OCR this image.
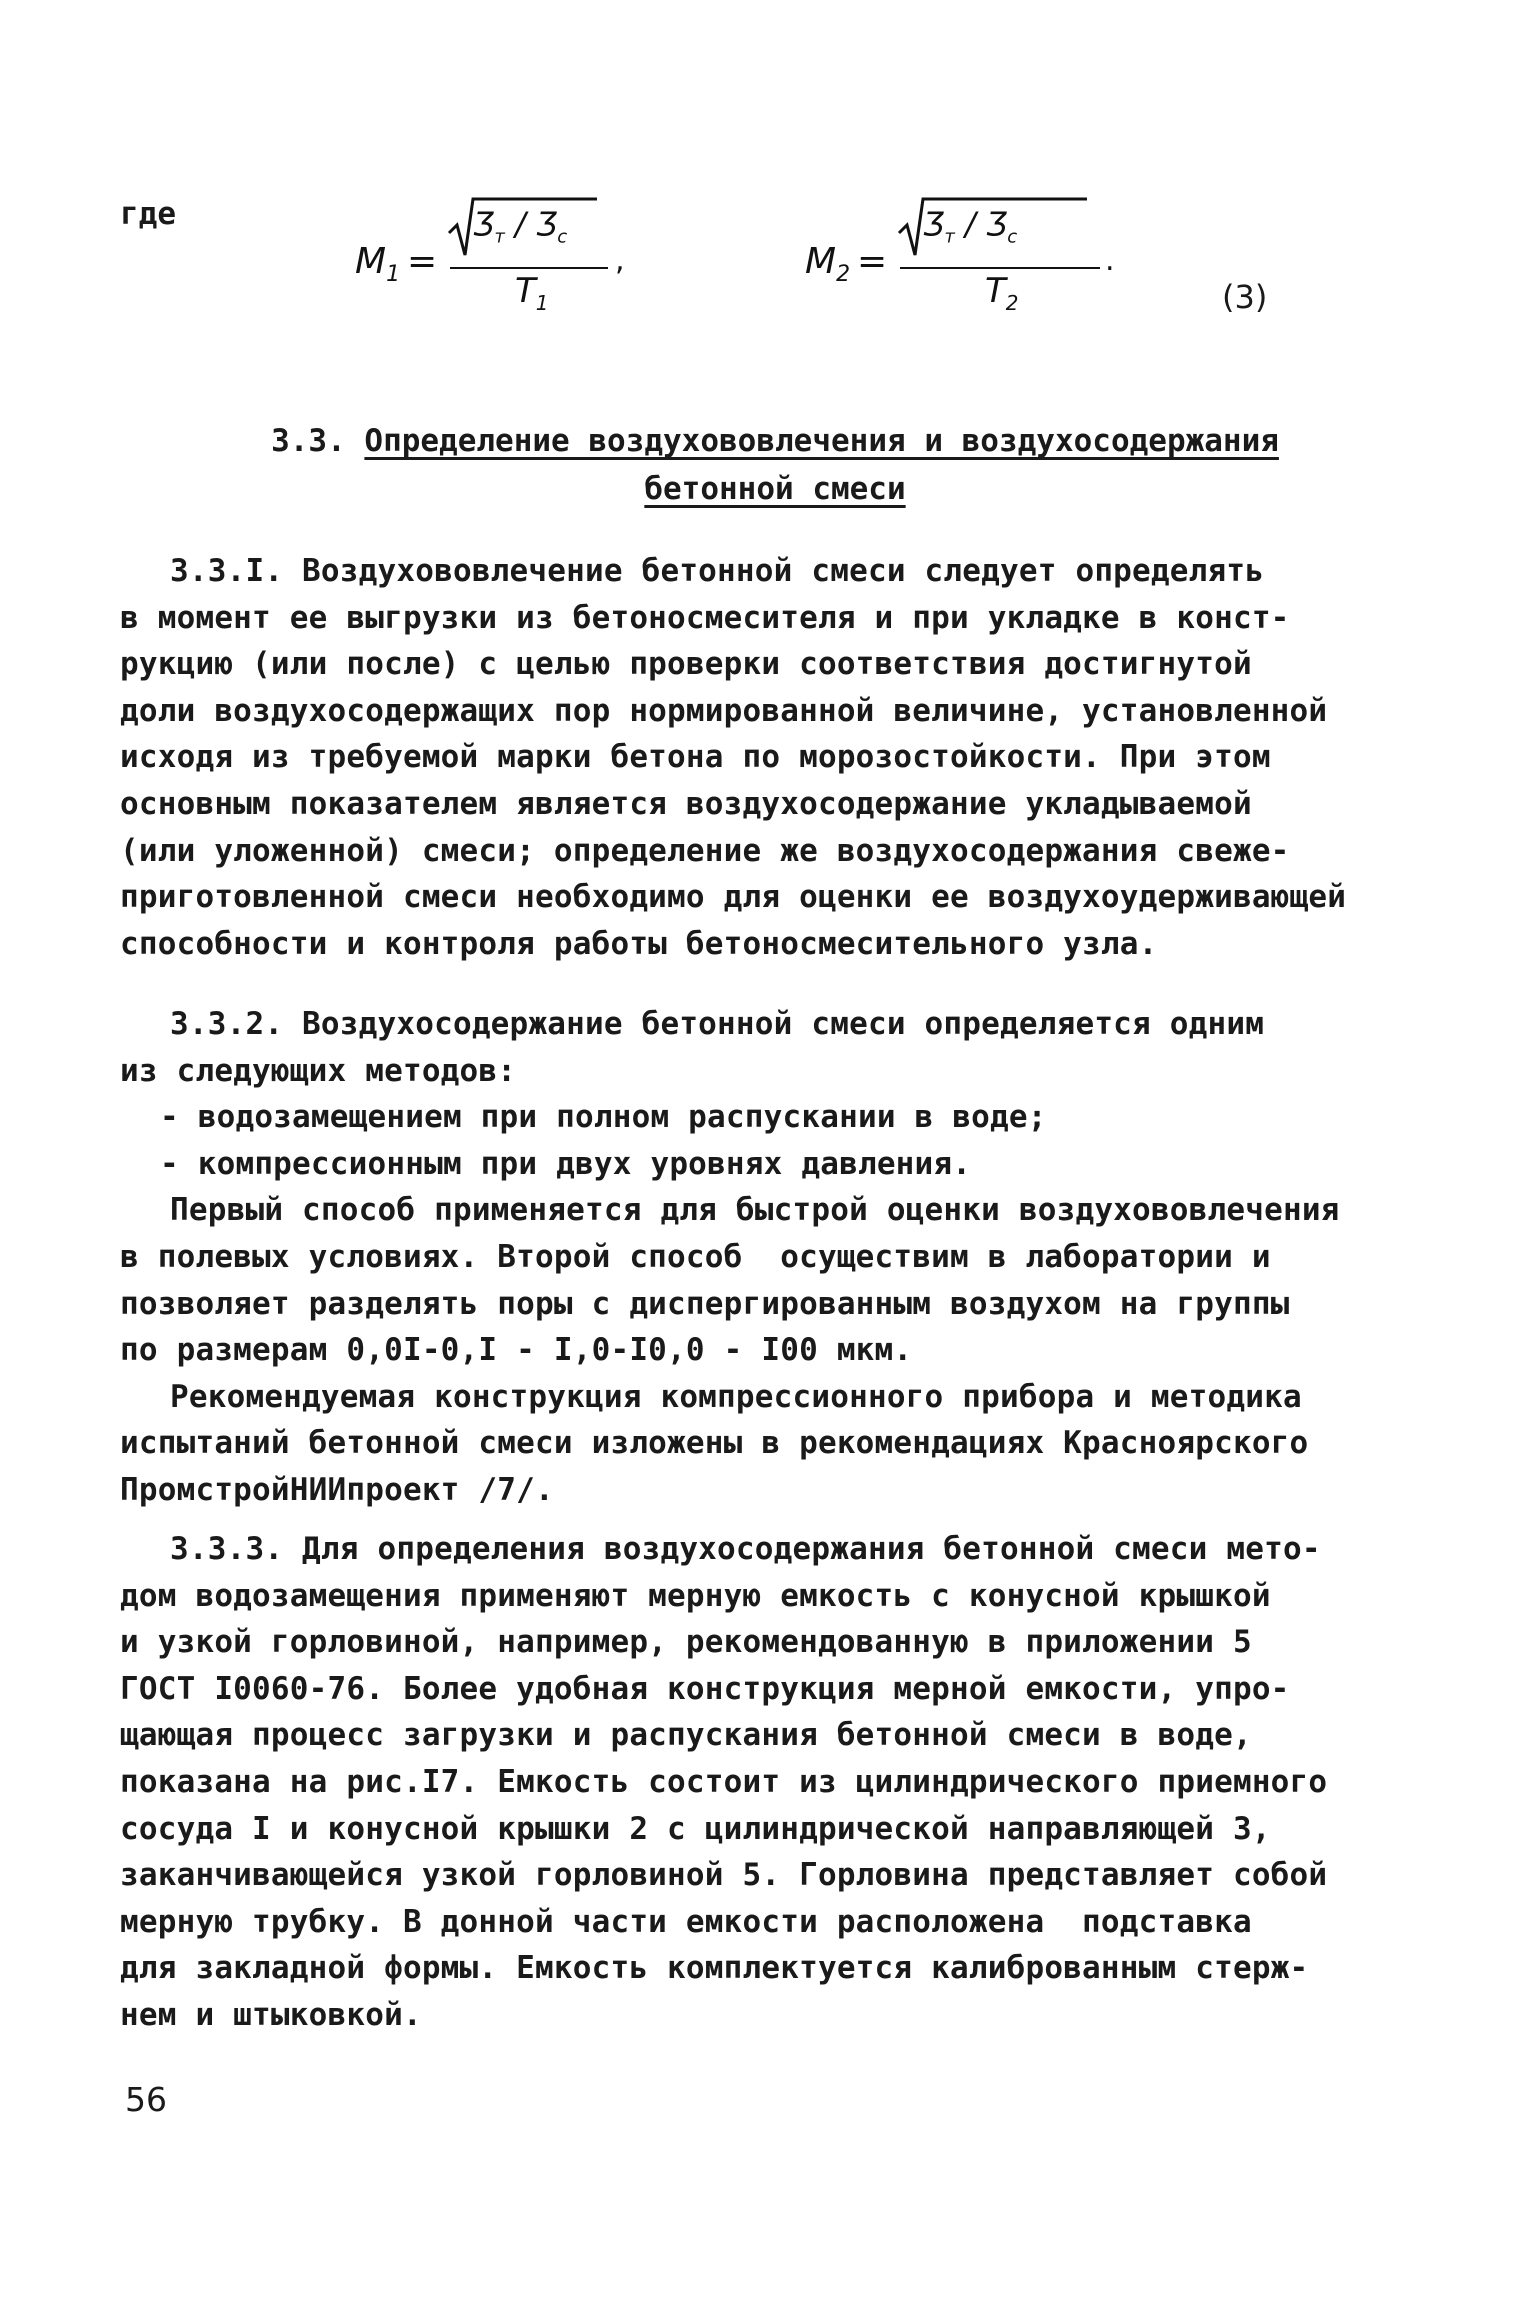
где
$M_1$ =
$Ʒ_т$ / $Ʒ_c$
$T_1$
,	$M_2$ =
$Ʒ_т$ / $Ʒ_c$
$T_2$
.
(3)
3.3. Определение воздухововлечения и воздухосодержания
бетонной смеси
3.3.I. Воздухововлечение бетонной смеси следует определять
в момент ее выгрузки из бетоносмесителя и при укладке в конст-
рукцию (или после) с целью проверки соответствия достигнутой
доли воздухосодержащих пор нормированной величине, установленной
исходя из требуемой марки бетона по морозостойкости. При этом
основным показателем является воздухосодержание укладываемой
(или уложенной) смеси; определение же воздухосодержания свеже-
приготовленной смеси необходимо для оценки ее воздухоудерживающей
способности и контроля работы бетоносмесительного узла.
3.3.2. Воздухосодержание бетонной смеси определяется одним
из следующих методов:
- водозамещением при полном распускании в воде;
- компрессионным при двух уровнях давления.
Первый способ применяется для быстрой оценки воздухововлечения
в полевых условиях. Второй способ  осуществим в лаборатории и
позволяет разделять поры с диспергированным воздухом на группы
по размерам 0,0I-0,I - I,0-I0,0 - I00 мкм.
Рекомендуемая конструкция компрессионного прибора и методика
испытаний бетонной смеси изложены в рекомендациях Красноярского
ПромстройНИИпроект /7/.
3.3.3. Для определения воздухосодержания бетонной смеси мето-
дом водозамещения применяют мерную емкость с конусной крышкой
и узкой горловиной, например, рекомендованную в приложении 5
ГОСТ I0060-76. Более удобная конструкция мерной емкости, упро-
щающая процесс загрузки и распускания бетонной смеси в воде,
показана на рис.I7. Емкость состоит из цилиндрического приемного
сосуда I и конусной крышки 2 с цилиндрической направляющей 3,
заканчивающейся узкой горловиной 5. Горловина представляет собой
мерную трубку. В донной части емкости расположена  подставка
для закладной формы. Емкость комплектуется калиброванным стерж-
нем и штыковкой.
56
